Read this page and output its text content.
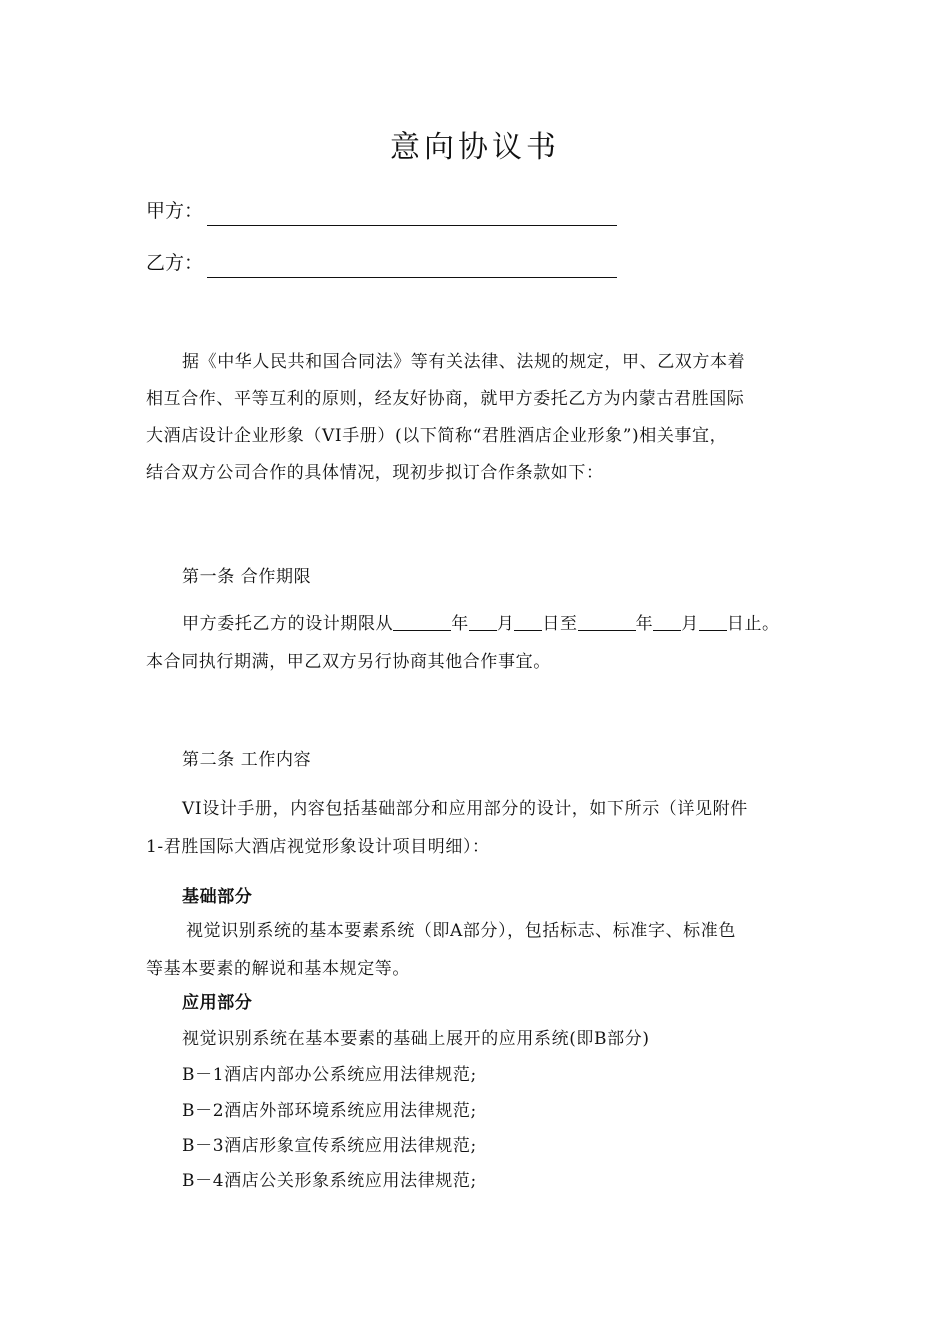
意向协议书
甲方：
乙方：
据《中华人民共和国合同法》等有关法律、法规的规定，甲、乙双方本着
相互合作、平等互利的原则，经友好协商，就甲方委托乙方为内蒙古君胜国际
大酒店设计企业形象（VI手册）(以下简称“君胜酒店企业形象”)相关事宜，
结合双方公司合作的具体情况，现初步拟订合作条款如下：
第一条 合作期限
甲方委托乙方的设计期限从	年 月 日至	年 月 日止。
本合同执行期满，甲乙双方另行协商其他合作事宜。
第二条 工作内容
VI设计手册，内容包括基础部分和应用部分的设计，如下所示（详见附件
1-君胜国际大酒店视觉形象设计项目明细）：
基础部分
视觉识别系统的基本要素系统（即A部分），包括标志、标准字、标准色
等基本要素的解说和基本规定等。
应用部分
视觉识别系统在基本要素的基础上展开的应用系统(即B部分)
B－1酒店内部办公系统应用法律规范;
B－2酒店外部环境系统应用法律规范;
B－3酒店形象宣传系统应用法律规范;
B－4酒店公关形象系统应用法律规范;
